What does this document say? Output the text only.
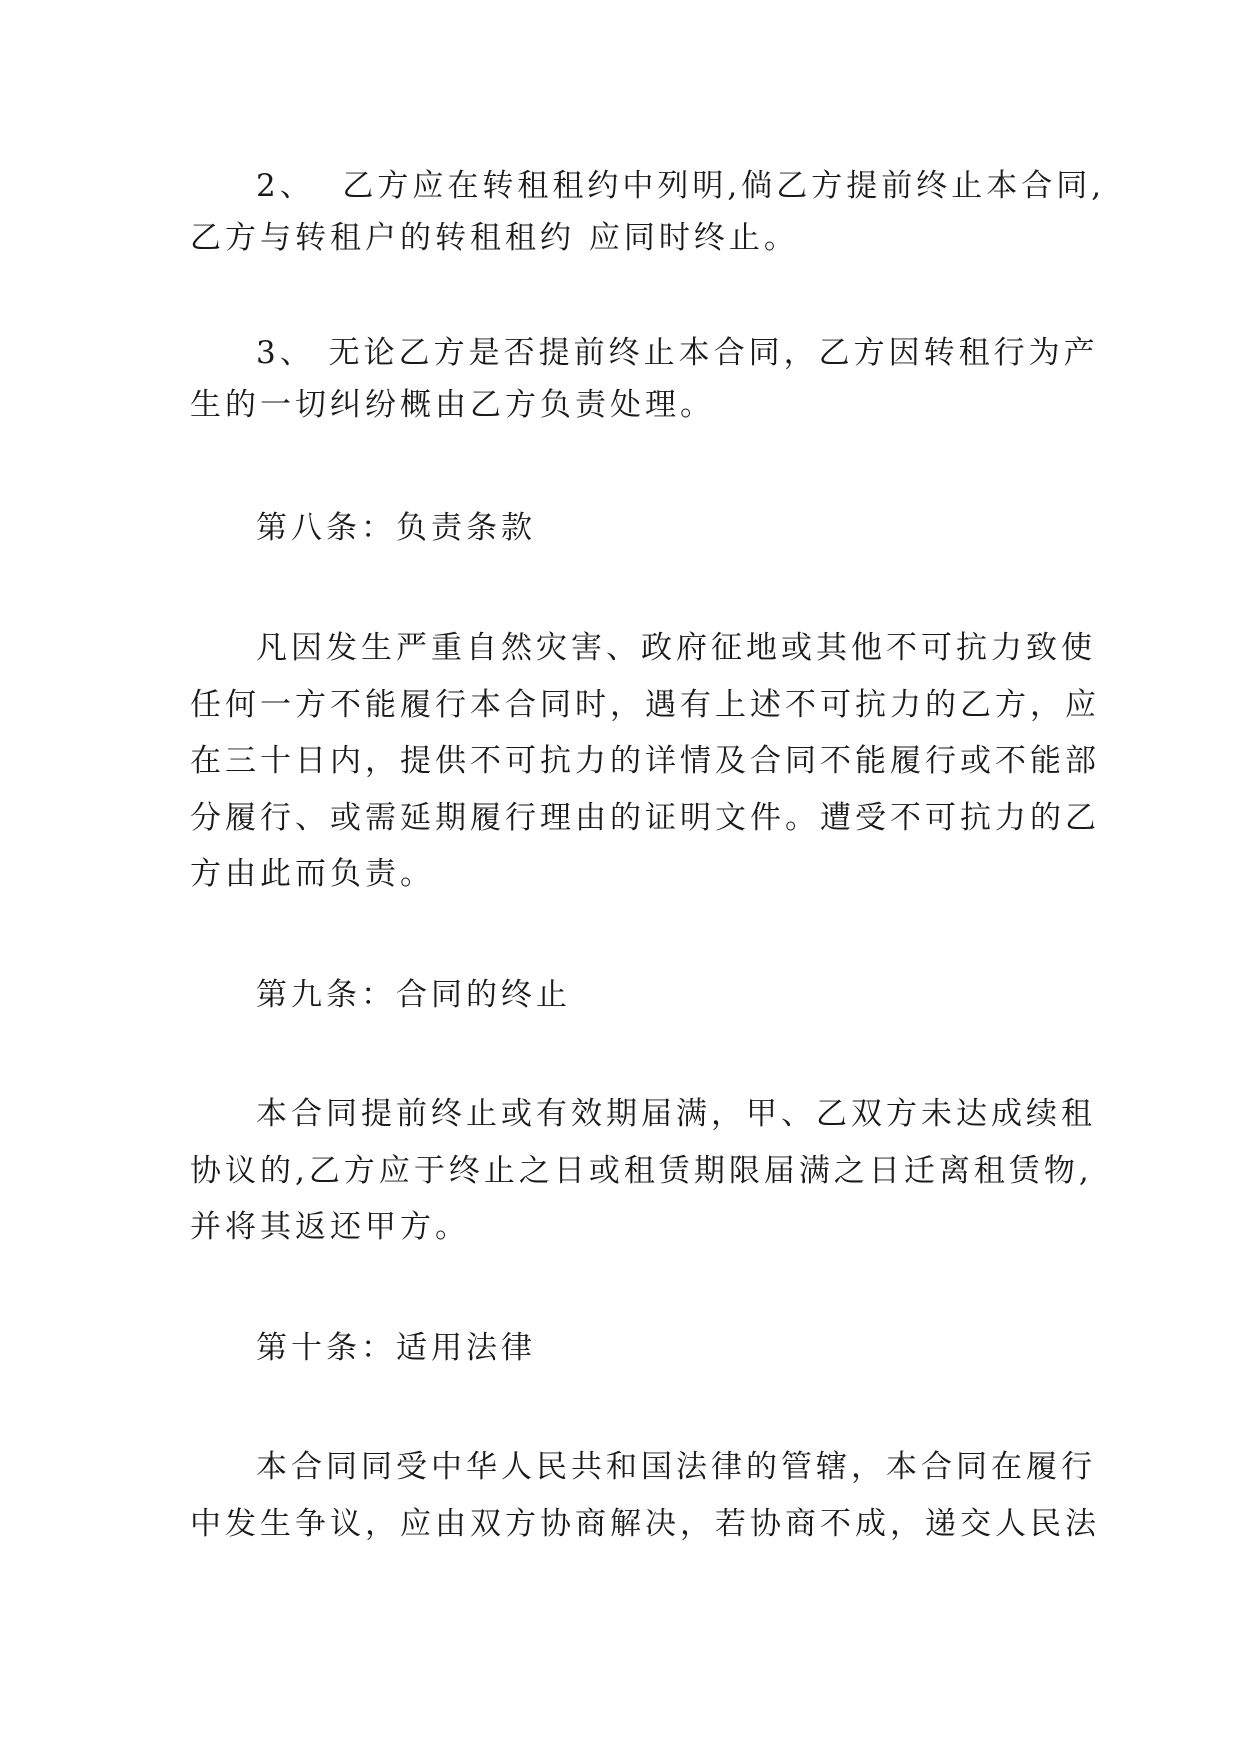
2、  乙方应在转租租约中列明,倘乙方提前终止本合同,
乙方与转租户的转租租约 应同时终止。
3、 无论乙方是否提前终止本合同，乙方因转租行为产
生的一切纠纷概由乙方负责处理。
第八条：负责条款
凡因发生严重自然灾害、政府征地或其他不可抗力致使
任何一方不能履行本合同时，遇有上述不可抗力的乙方，应
在三十日内，提供不可抗力的详情及合同不能履行或不能部
分履行、或需延期履行理由的证明文件。遭受不可抗力的乙
方由此而负责。
第九条：合同的终止
本合同提前终止或有效期届满，甲、乙双方未达成续租
协议的,乙方应于终止之日或租赁期限届满之日迁离租赁物,
并将其返还甲方。
第十条：适用法律
本合同同受中华人民共和国法律的管辖，本合同在履行
中发生争议，应由双方协商解决，若协商不成，递交人民法
